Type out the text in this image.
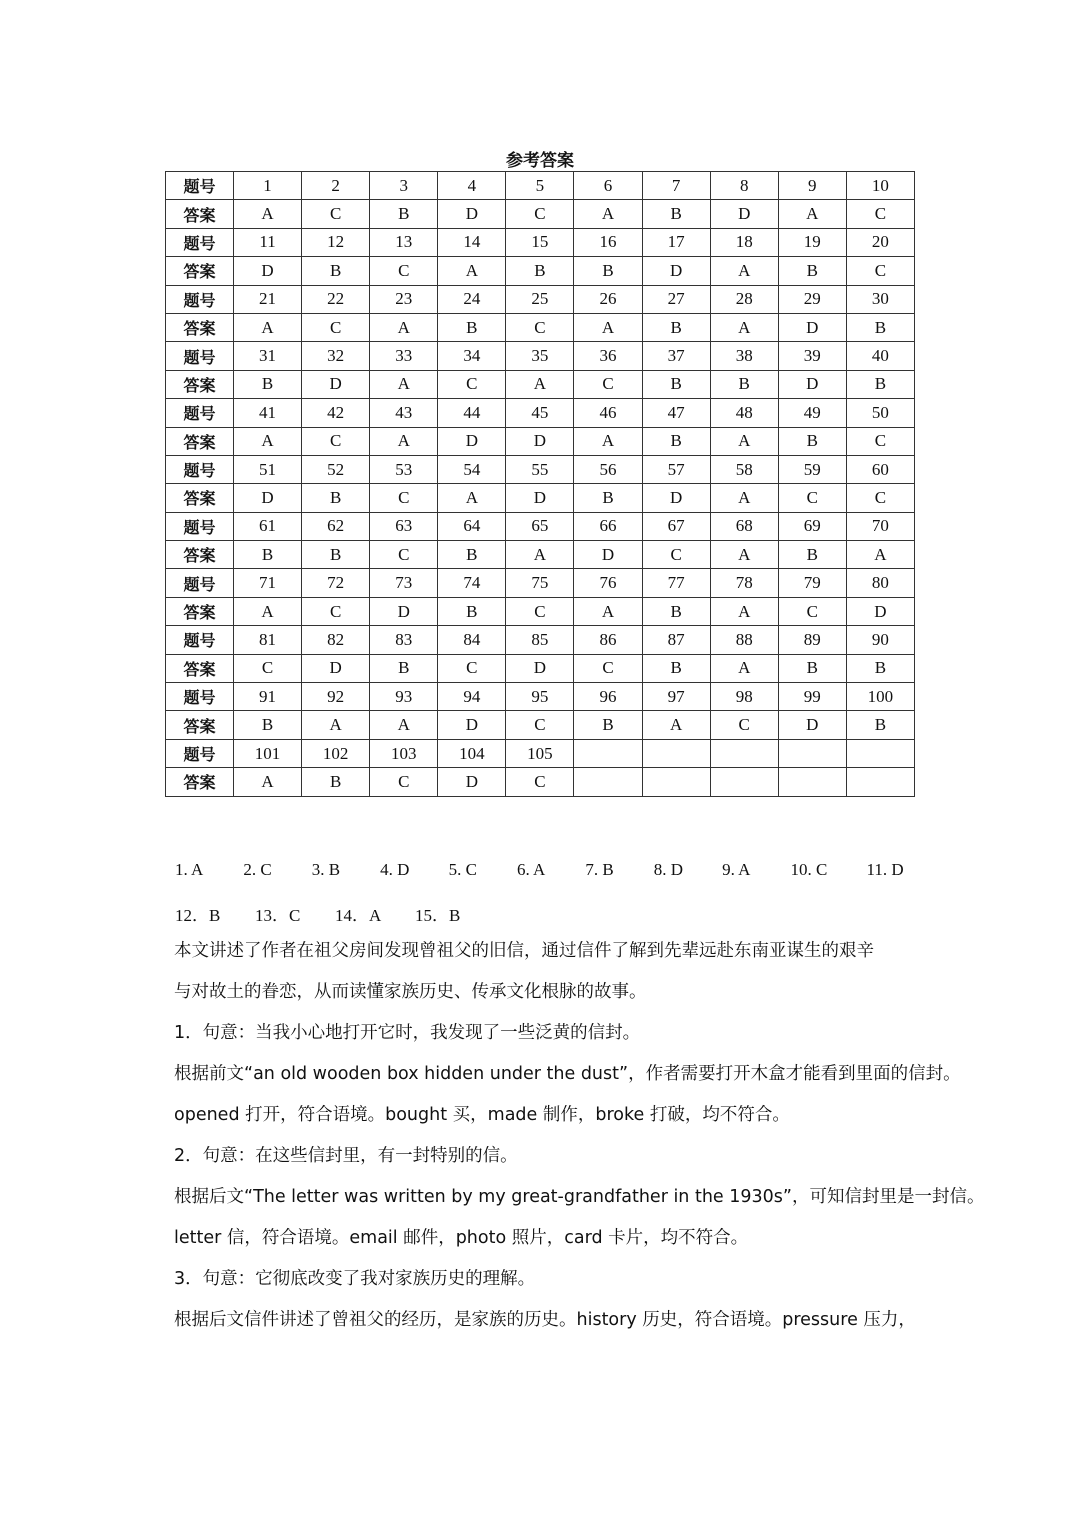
参考答案
题号	1	2	3	4	5	6	7	8	9	10
答案	A	C	B	D	C	A	B	D	A	C
题号	11	12	13	14	15	16	17	18	19	20
答案	D	B	C	A	B	B	D	A	B	C
题号	21	22	23	24	25	26	27	28	29	30
答案	A	C	A	B	C	A	B	A	D	B
题号	31	32	33	34	35	36	37	38	39	40
答案	B	D	A	C	A	C	B	B	D	B
题号	41	42	43	44	45	46	47	48	49	50
答案	A	C	A	D	D	A	B	A	B	C
题号	51	52	53	54	55	56	57	58	59	60
答案	D	B	C	A	D	B	D	A	C	C
题号	61	62	63	64	65	66	67	68	69	70
答案	B	B	C	B	A	D	C	A	B	A
题号	71	72	73	74	75	76	77	78	79	80
答案	A	C	D	B	C	A	B	A	C	D
题号	81	82	83	84	85	86	87	88	89	90
答案	C	D	B	C	D	C	B	A	B	B
题号	91	92	93	94	95	96	97	98	99	100
答案	B	A	A	D	C	B	A	C	D	B
题号	101	102	103	104	105					
答案	A	B	C	D	C					
1. A	2. C	3. B	4. D	5. C	6. A	7. B	8. D	9. A	10. C	11. D
12．B	13．C	14．A	15．B

本文讲述了作者在祖父房间发现曾祖父的旧信，通过信件了解到先辈远赴东南亚谋生的艰辛

与对故土的眷恋，从而读懂家族历史、传承文化根脉的故事。

1．句意：当我小心地打开它时，我发现了一些泛黄的信封。

根据前文“an old wooden box hidden under the dust”，作者需要打开木盒才能看到里面的信封。

opened 打开，符合语境。bought 买，made 制作，broke 打破，均不符合。

2．句意：在这些信封里，有一封特别的信。

根据后文“The letter was written by my great-grandfather in the 1930s”，可知信封里是一封信。

letter 信，符合语境。email 邮件，photo 照片，card 卡片，均不符合。

3．句意：它彻底改变了我对家族历史的理解。

根据后文信件讲述了曾祖父的经历，是家族的历史。history 历史，符合语境。pressure 压力，
